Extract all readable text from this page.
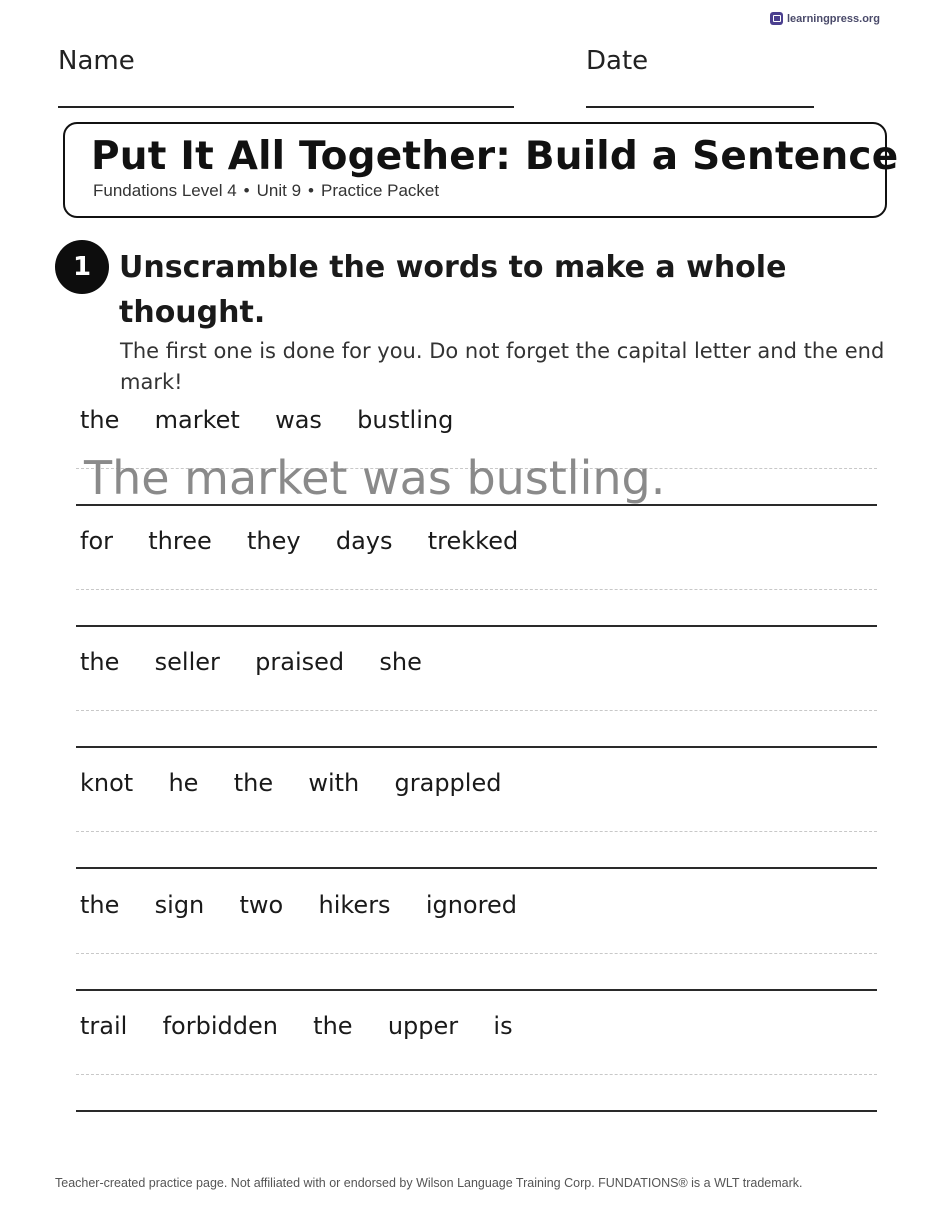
learningpress.org
Name	Date
Put It All Together: Build a Sentence
Fundations Level 4 • Unit 9 • Practice Packet
1 Unscramble the words to make a whole thought.
The first one is done for you. Do not forget the capital letter and the end mark!
the  market  was  bustling
The market was bustling.
for  three  they  days  trekked
the  seller  praised  she
knot  he  the  with  grappled
the  sign  two  hikers  ignored
trail  forbidden  the  upper  is
Teacher-created practice page. Not affiliated with or endorsed by Wilson Language Training Corp. FUNDATIONS® is a WLT trademark.
